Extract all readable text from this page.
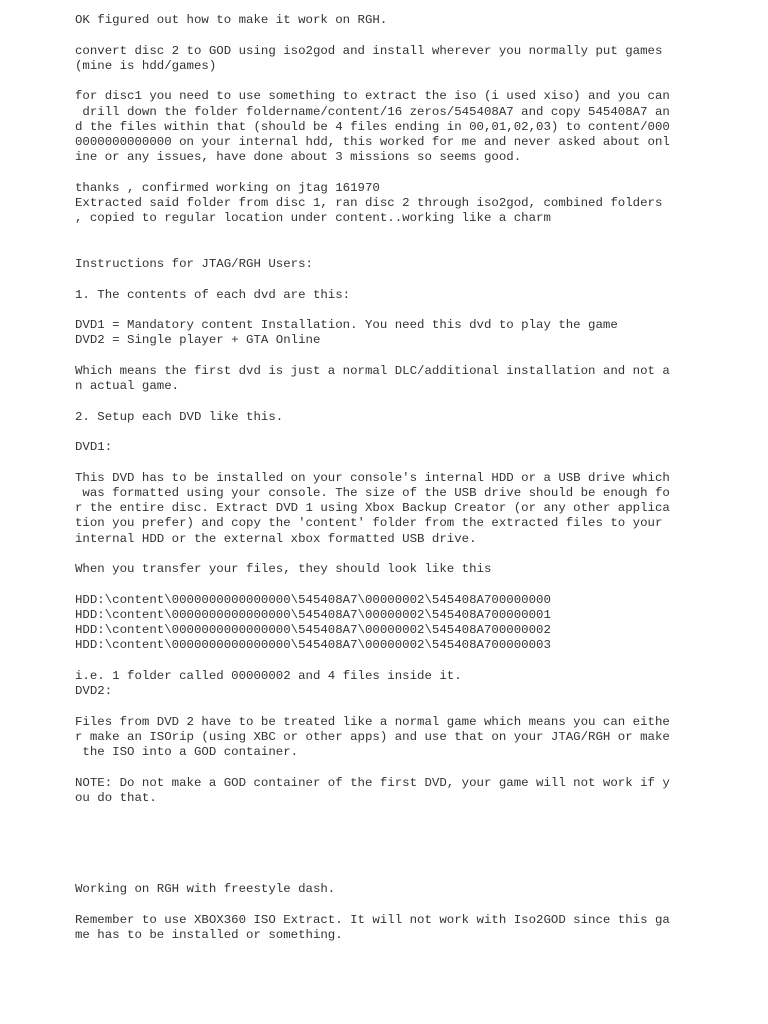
OK figured out how to make it work on RGH.
convert disc 2 to GOD using iso2god and install wherever you normally put games
(mine is hdd/games)
for disc1 you need to use something to extract the iso (i used xiso) and you can
drill down the folder foldername/content/16 zeros/545408A7 and copy 545408A7 an
d the files within that (should be 4 files ending in 00,01,02,03) to content/000
0000000000000 on your internal hdd, this worked for me and never asked about onl
ine or any issues, have done about 3 missions so seems good.
thanks , confirmed working on jtag 161970
Extracted said folder from disc 1, ran disc 2 through iso2god, combined folders
, copied to regular location under content..working like a charm
Instructions for JTAG/RGH Users:
1. The contents of each dvd are this:
DVD1 = Mandatory content Installation. You need this dvd to play the game
DVD2 = Single player + GTA Online
Which means the first dvd is just a normal DLC/additional installation and not a
n actual game.
2. Setup each DVD like this.
DVD1:
This DVD has to be installed on your console's internal HDD or a USB drive which
was formatted using your console. The size of the USB drive should be enough fo
r the entire disc. Extract DVD 1 using Xbox Backup Creator (or any other applica
tion you prefer) and copy the 'content' folder from the extracted files to your
internal HDD or the external xbox formatted USB drive.
When you transfer your files, they should look like this
HDD:\content\0000000000000000\545408A7\00000002\545408A700000000
HDD:\content\0000000000000000\545408A7\00000002\545408A700000001
HDD:\content\0000000000000000\545408A7\00000002\545408A700000002
HDD:\content\0000000000000000\545408A7\00000002\545408A700000003
i.e. 1 folder called 00000002 and 4 files inside it.
DVD2:
Files from DVD 2 have to be treated like a normal game which means you can eithe
r make an ISOrip (using XBC or other apps) and use that on your JTAG/RGH or make
the ISO into a GOD container.
NOTE: Do not make a GOD container of the first DVD, your game will not work if y
ou do that.
Working on RGH with freestyle dash.
Remember to use XBOX360 ISO Extract. It will not work with Iso2GOD since this ga
me has to be installed or something.
